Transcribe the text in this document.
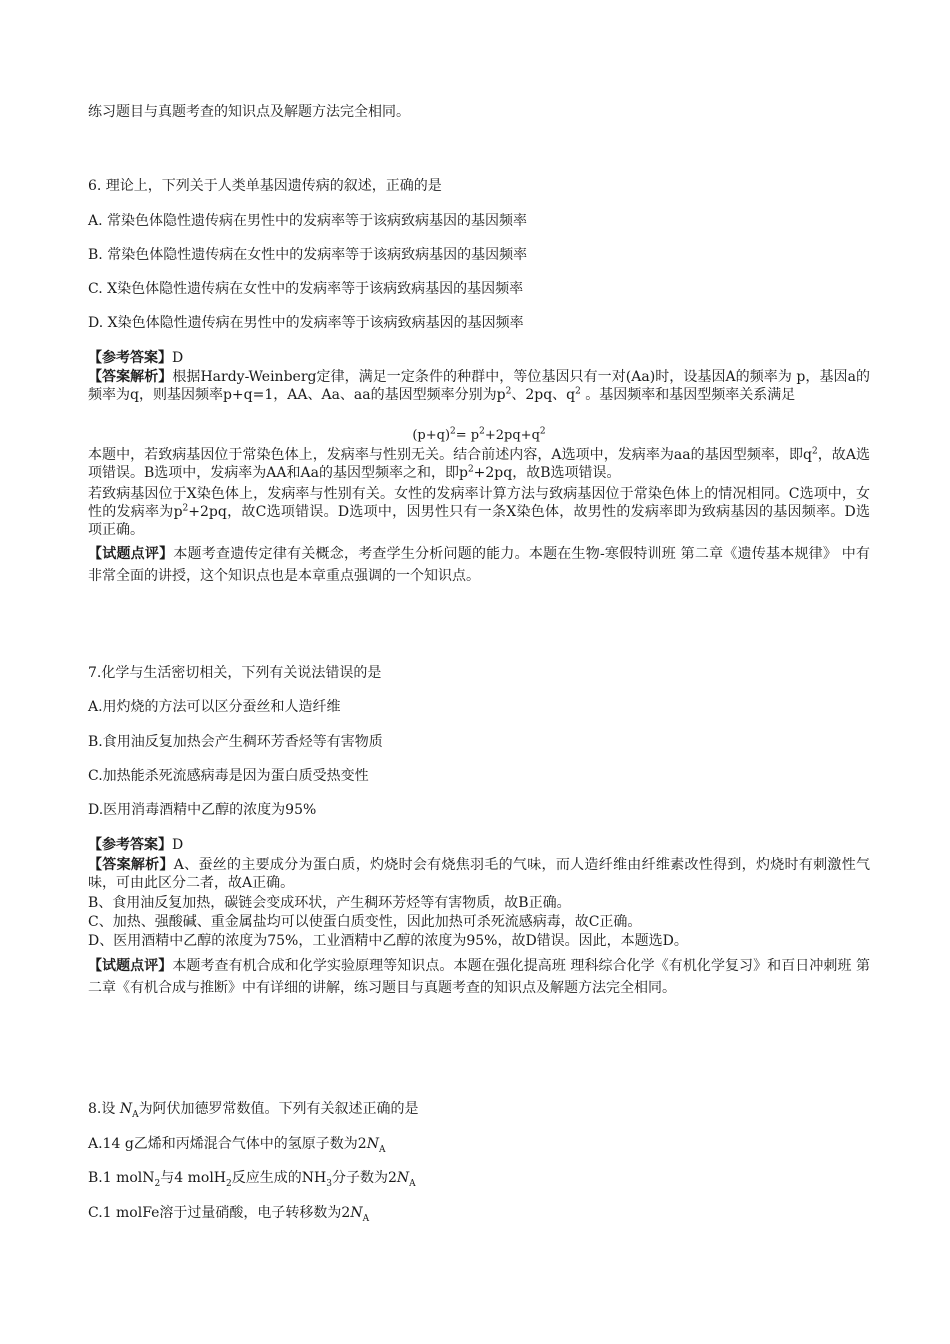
练习题目与真题考查的知识点及解题方法完全相同。
6. 理论上，下列关于人类单基因遗传病的叙述，正确的是
A. 常染色体隐性遗传病在男性中的发病率等于该病致病基因的基因频率
B. 常染色体隐性遗传病在女性中的发病率等于该病致病基因的基因频率
C. X染色体隐性遗传病在女性中的发病率等于该病致病基因的基因频率
D. X染色体隐性遗传病在男性中的发病率等于该病致病基因的基因频率
【参考答案】D
【答案解析】根据Hardy-Weinberg定律，满足一定条件的种群中，等位基因只有一对(Aa)时，设基因A的频率为 p，基因a的频率为q，则基因频率p+q=1，AA、Aa、aa的基因型频率分别为$p^2$、2pq、$q^2$ 。基因频率和基因型频率关系满足
$(p+q)^2= p^2+2pq+q^2$
本题中，若致病基因位于常染色体上，发病率与性别无关。结合前述内容，A选项中，发病率为aa的基因型频率，即$q^2$，故A选项错误。B选项中，发病率为AA和Aa的基因型频率之和，即$p^2+2pq$，故B选项错误。
若致病基因位于X染色体上，发病率与性别有关。女性的发病率计算方法与致病基因位于常染色体上的情况相同。C选项中，女性的发病率为$p^2+2pq$，故C选项错误。D选项中，因男性只有一条X染色体，故男性的发病率即为致病基因的基因频率。D选项正确。
【试题点评】本题考查遗传定律有关概念，考查学生分析问题的能力。本题在生物-寒假特训班 第二章《遗传基本规律》 中有非常全面的讲授，这个知识点也是本章重点强调的一个知识点。
7.化学与生活密切相关，下列有关说法错误的是
A.用灼烧的方法可以区分蚕丝和人造纤维
B.食用油反复加热会产生稠环芳香烃等有害物质
C.加热能杀死流感病毒是因为蛋白质受热变性
D.医用消毒酒精中乙醇的浓度为95%
【参考答案】D
【答案解析】A、蚕丝的主要成分为蛋白质，灼烧时会有烧焦羽毛的气味，而人造纤维由纤维素改性得到，灼烧时有刺激性气味，可由此区分二者，故A正确。
B、食用油反复加热，碳链会变成环状，产生稠环芳烃等有害物质，故B正确。
C、加热、强酸碱、重金属盐均可以使蛋白质变性，因此加热可杀死流感病毒，故C正确。
D、医用酒精中乙醇的浓度为75%，工业酒精中乙醇的浓度为95%，故D错误。因此，本题选D。
【试题点评】本题考查有机合成和化学实验原理等知识点。本题在强化提高班 理科综合化学《有机化学复习》和百日冲刺班 第二章《有机合成与推断》中有详细的讲解，练习题目与真题考查的知识点及解题方法完全相同。
8.设 $N_A$为阿伏加德罗常数值。下列有关叙述正确的是
A.14 g乙烯和丙烯混合气体中的氢原子数为$2N_A$
B.1 molN$_2$与4 molH$_2$反应生成的$NH_3$分子数为$2N_A$
C.1 molFe溶于过量硝酸，电子转移数为$2N_A$
